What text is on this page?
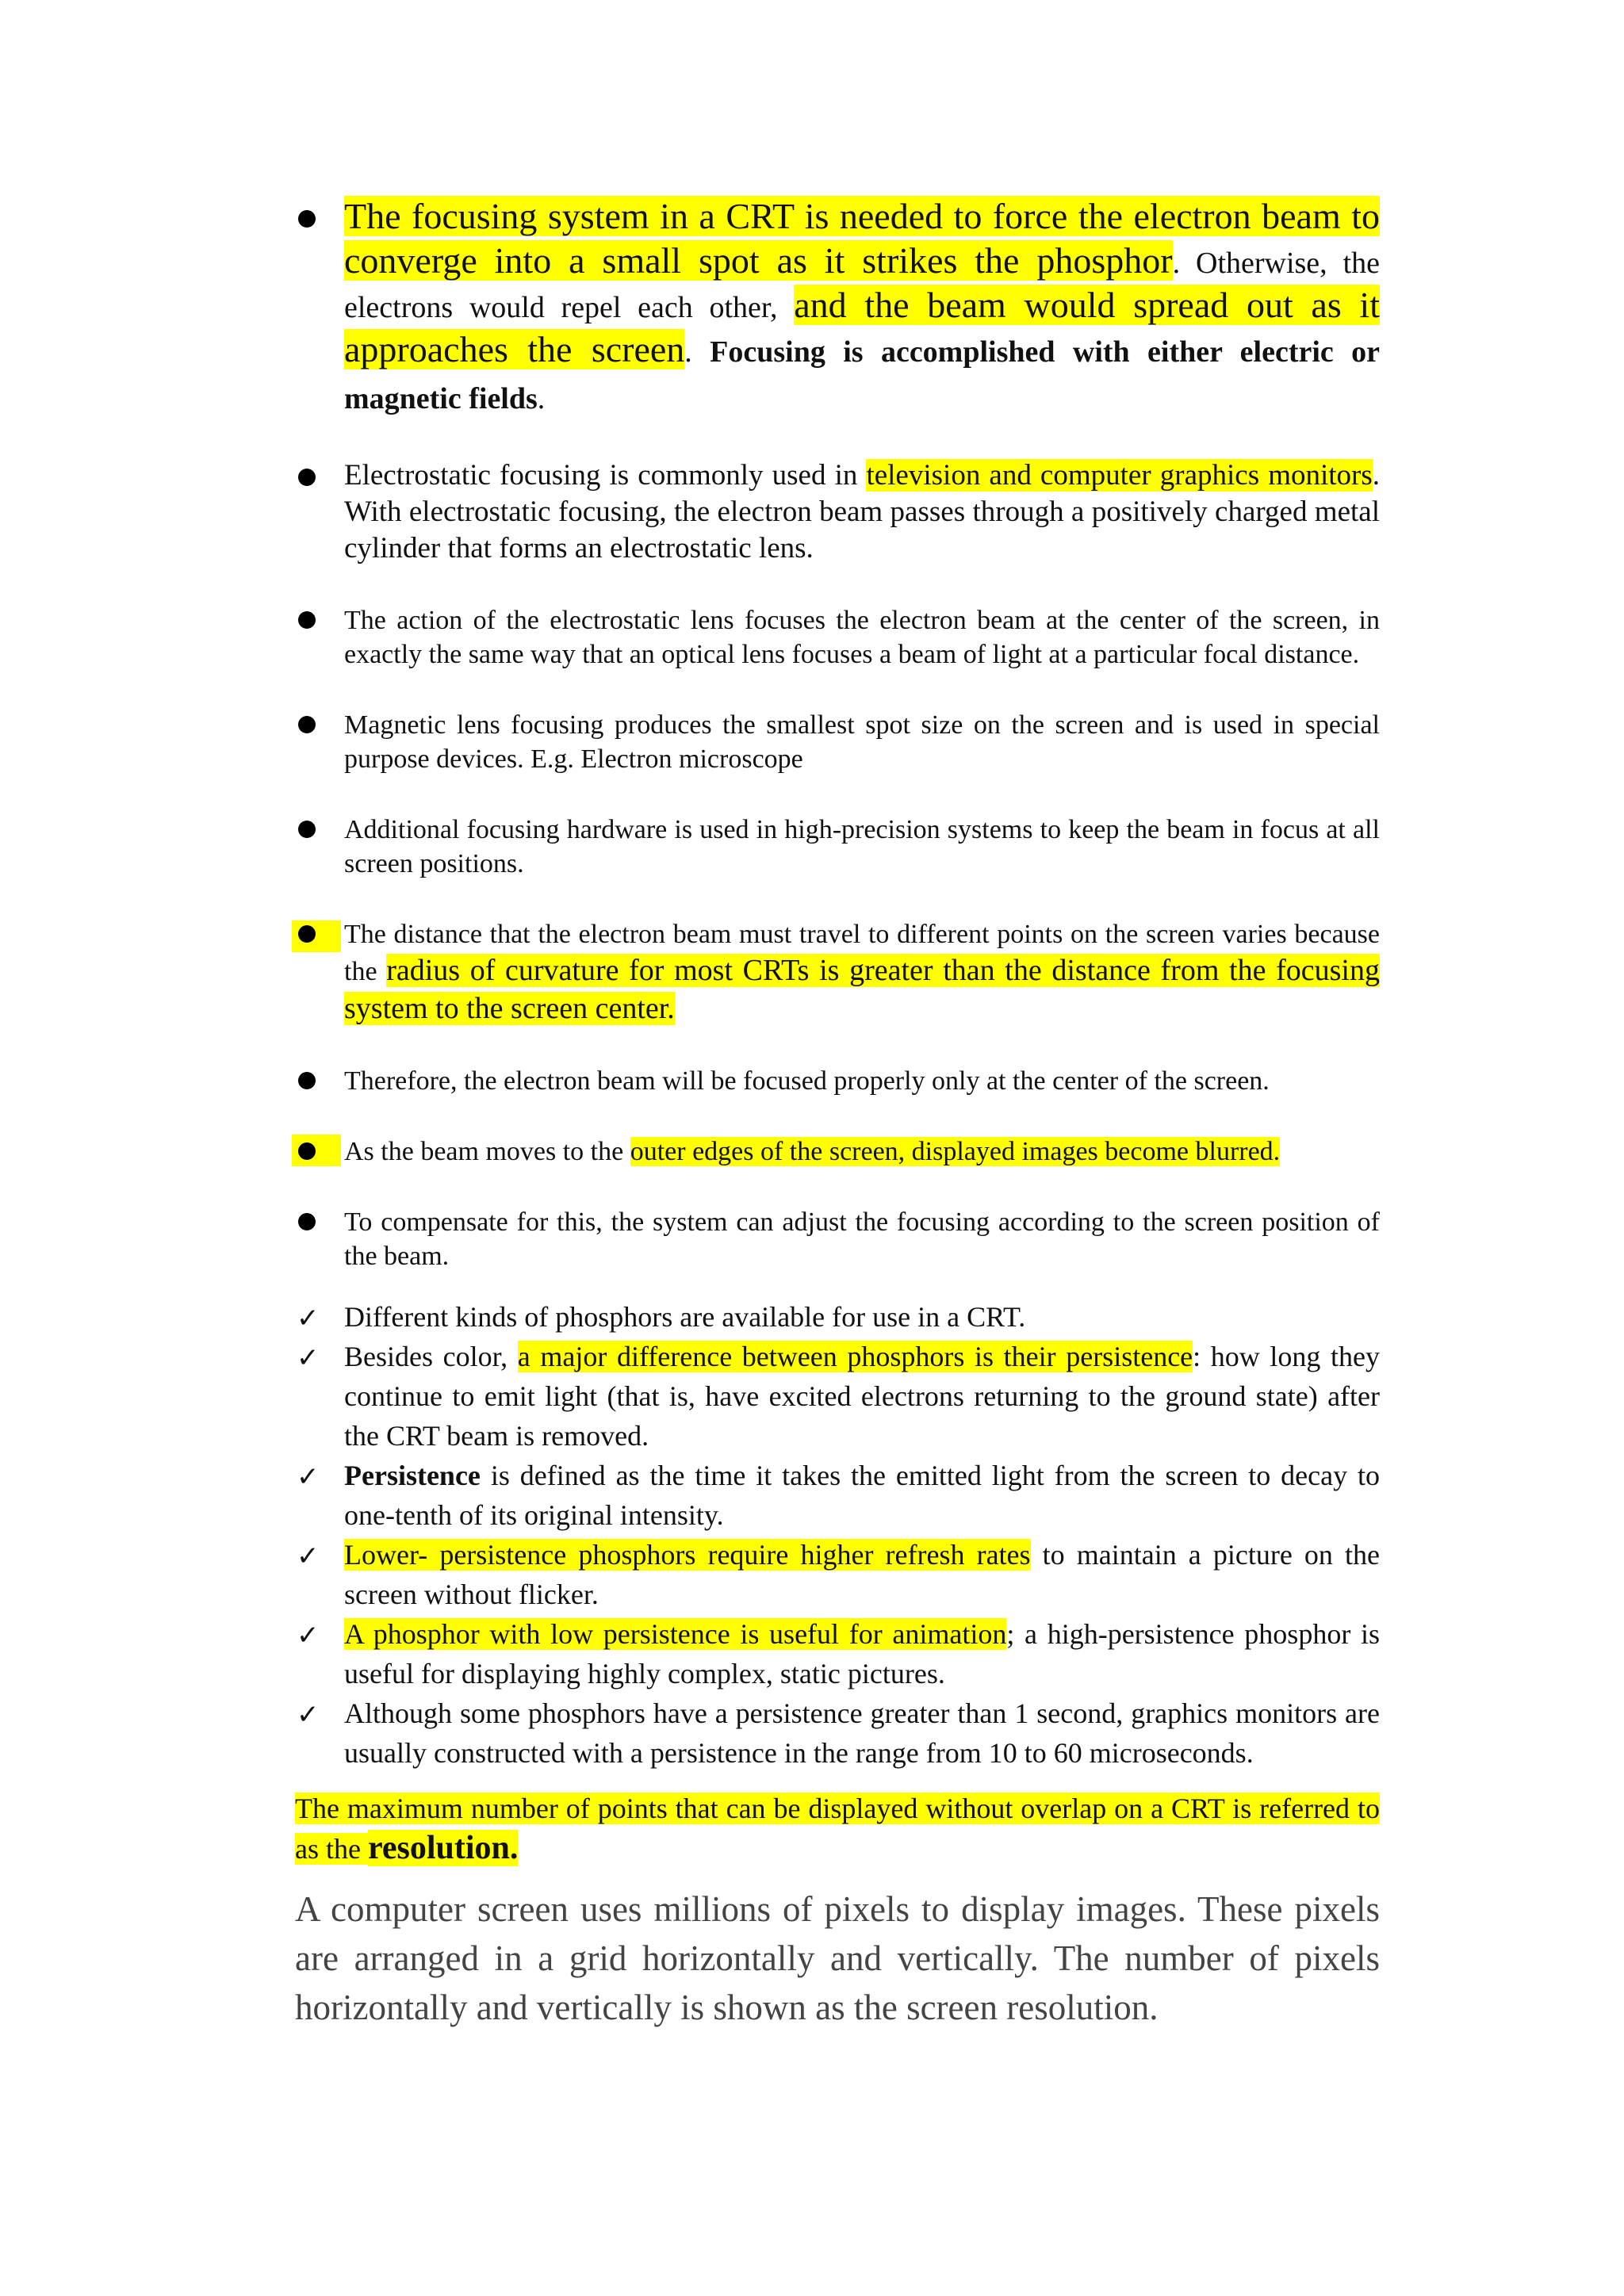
The focusing system in a CRT is needed to force the electron beam to converge into a small spot as it strikes the phosphor. Otherwise, the electrons would repel each other, and the beam would spread out as it approaches the screen. Focusing is accomplished with either electric or magnetic fields.
Electrostatic focusing is commonly used in television and computer graphics monitors. With electrostatic focusing, the electron beam passes through a positively charged metal cylinder that forms an electrostatic lens.
The action of the electrostatic lens focuses the electron beam at the center of the screen, in exactly the same way that an optical lens focuses a beam of light at a particular focal distance.
Magnetic lens focusing produces the smallest spot size on the screen and is used in special purpose devices. E.g. Electron microscope
Additional focusing hardware is used in high-precision systems to keep the beam in focus at all screen positions.
The distance that the electron beam must travel to different points on the screen varies because the radius of curvature for most CRTs is greater than the distance from the focusing system to the screen center.
Therefore, the electron beam will be focused properly only at the center of the screen.
As the beam moves to the outer edges of the screen, displayed images become blurred.
To compensate for this, the system can adjust the focusing according to the screen position of the beam.
✓ Different kinds of phosphors are available for use in a CRT.
✓ Besides color, a major difference between phosphors is their persistence: how long they continue to emit light (that is, have excited electrons returning to the ground state) after the CRT beam is removed.
✓ Persistence is defined as the time it takes the emitted light from the screen to decay to one-tenth of its original intensity.
✓ Lower- persistence phosphors require higher refresh rates to maintain a picture on the screen without flicker.
✓ A phosphor with low persistence is useful for animation; a high-persistence phosphor is useful for displaying highly complex, static pictures.
✓ Although some phosphors have a persistence greater than 1 second, graphics monitors are usually constructed with a persistence in the range from 10 to 60 microseconds.
The maximum number of points that can be displayed without overlap on a CRT is referred to as the resolution.
A computer screen uses millions of pixels to display images. These pixels are arranged in a grid horizontally and vertically. The number of pixels horizontally and vertically is shown as the screen resolution.
